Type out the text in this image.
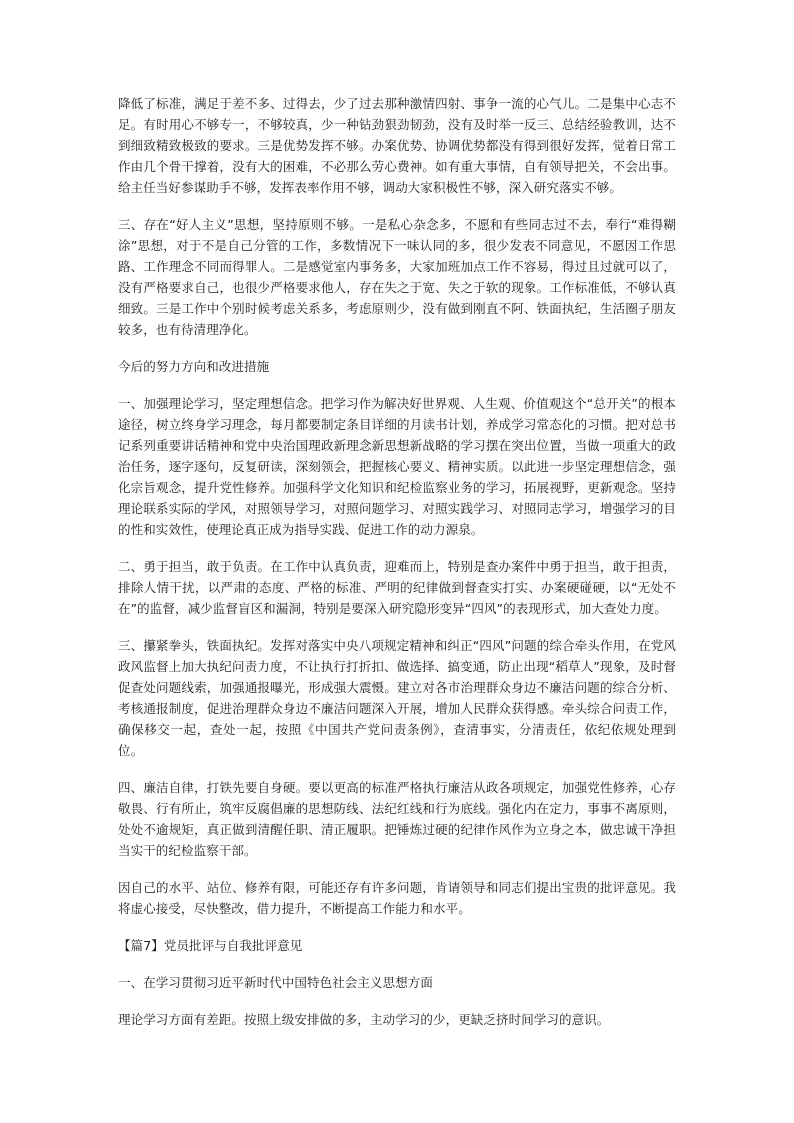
降低了标准，满足于差不多、过得去，少了过去那种激情四射、事争一流的心气儿。二是集中心志不足。有时用心不够专一，不够较真，少一种钻劲狠劲韧劲，没有及时举一反三、总结经验教训，达不到细致精致极致的要求。三是优势发挥不够。办案优势、协调优势都没有得到很好发挥，觉着日常工作由几个骨干撑着，没有大的困难，不必那么劳心费神。如有重大事情，自有领导把关，不会出事。给主任当好参谋助手不够，发挥表率作用不够，调动大家积极性不够，深入研究落实不够。

三、存在“好人主义”思想，坚持原则不够。一是私心杂念多，不愿和有些同志过不去，奉行“难得糊涂”思想，对于不是自己分管的工作，多数情况下一味认同的多，很少发表不同意见，不愿因工作思路、工作理念不同而得罪人。二是感觉室内事务多，大家加班加点工作不容易，得过且过就可以了，没有严格要求自己，也很少严格要求他人，存在失之于宽、失之于软的现象。工作标准低，不够认真细致。三是工作中个别时候考虑关系多，考虑原则少，没有做到刚直不阿、铁面执纪，生活圈子朋友较多，也有待清理净化。

今后的努力方向和改进措施

一、加强理论学习，坚定理想信念。把学习作为解决好世界观、人生观、价值观这个“总开关”的根本途径，树立终身学习理念，每月都要制定条目详细的月读书计划，养成学习常态化的习惯。把对总书记系列重要讲话精神和党中央治国理政新理念新思想新战略的学习摆在突出位置，当做一项重大的政治任务，逐字逐句，反复研读，深刻领会，把握核心要义、精神实质。以此进一步坚定理想信念，强化宗旨观念，提升党性修养。加强科学文化知识和纪检监察业务的学习，拓展视野，更新观念。坚持理论联系实际的学风，对照领导学习，对照问题学习、对照实践学习、对照同志学习，增强学习的目的性和实效性，使理论真正成为指导实践、促进工作的动力源泉。

二、勇于担当，敢于负责。在工作中认真负责，迎难而上，特别是查办案件中勇于担当，敢于担责，排除人情干扰，以严肃的态度、严格的标准、严明的纪律做到督查实打实、办案硬碰硬，以“无处不在”的监督，减少监督盲区和漏洞，特别是要深入研究隐形变异“四风”的表现形式，加大查处力度。

三、攥紧拳头，铁面执纪。发挥对落实中央八项规定精神和纠正“四风”问题的综合牵头作用，在党风政风监督上加大执纪问责力度，不让执行打折扣、做选择、搞变通，防止出现“稻草人”现象，及时督促查处问题线索，加强通报曝光，形成强大震慑。建立对各市治理群众身边不廉洁问题的综合分析、考核通报制度，促进治理群众身边不廉洁问题深入开展，增加人民群众获得感。牵头综合问责工作，确保移交一起，查处一起，按照《中国共产党问责条例》，查清事实，分清责任，依纪依规处理到位。

四、廉洁自律，打铁先要自身硬。要以更高的标准严格执行廉洁从政各项规定，加强党性修养，心存敬畏、行有所止，筑牢反腐倡廉的思想防线、法纪红线和行为底线。强化内在定力，事事不离原则，处处不逾规矩，真正做到清醒任职、清正履职。把锤炼过硬的纪律作风作为立身之本，做忠诚干净担当实干的纪检监察干部。

因自己的水平、站位、修养有限，可能还存有许多问题，肯请领导和同志们提出宝贵的批评意见。我将虚心接受，尽快整改，借力提升，不断提高工作能力和水平。

【篇7】党员批评与自我批评意见

一、在学习贯彻习近平新时代中国特色社会主义思想方面

理论学习方面有差距。按照上级安排做的多，主动学习的少，更缺乏挤时间学习的意识。
